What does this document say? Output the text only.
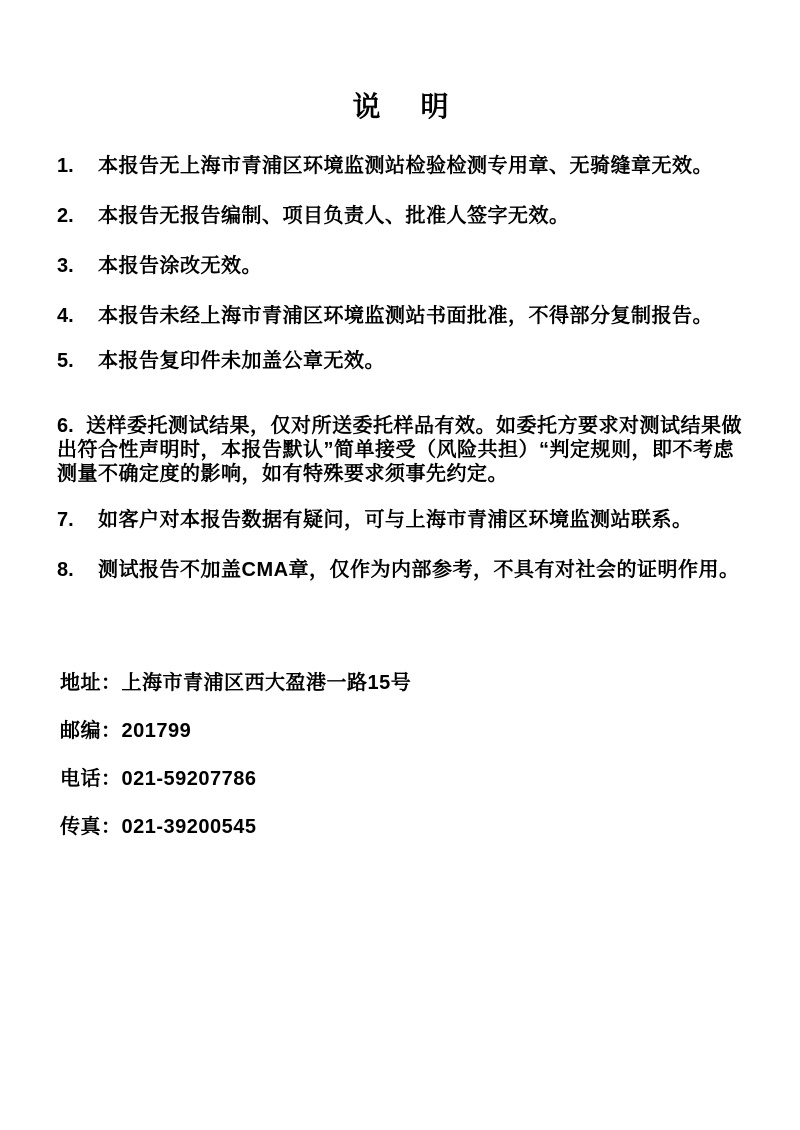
说　明

1. 本报告无上海市青浦区环境监测站检验检测专用章、无骑缝章无效。

2. 本报告无报告编制、项目负责人、批准人签字无效。

3. 本报告涂改无效。

4. 本报告未经上海市青浦区环境监测站书面批准，不得部分复制报告。

5. 本报告复印件未加盖公章无效。

6. 送样委托测试结果，仅对所送委托样品有效。如委托方要求对测试结果做出符合性声明时，本报告默认”简单接受（风险共担）“判定规则，即不考虑测量不确定度的影响，如有特殊要求须事先约定。

7. 如客户对本报告数据有疑问，可与上海市青浦区环境监测站联系。

8. 测试报告不加盖CMA章，仅作为内部参考，不具有对社会的证明作用。

地址：上海市青浦区西大盈港一路15号

邮编：201799

电话：021-59207786

传真：021-39200545
